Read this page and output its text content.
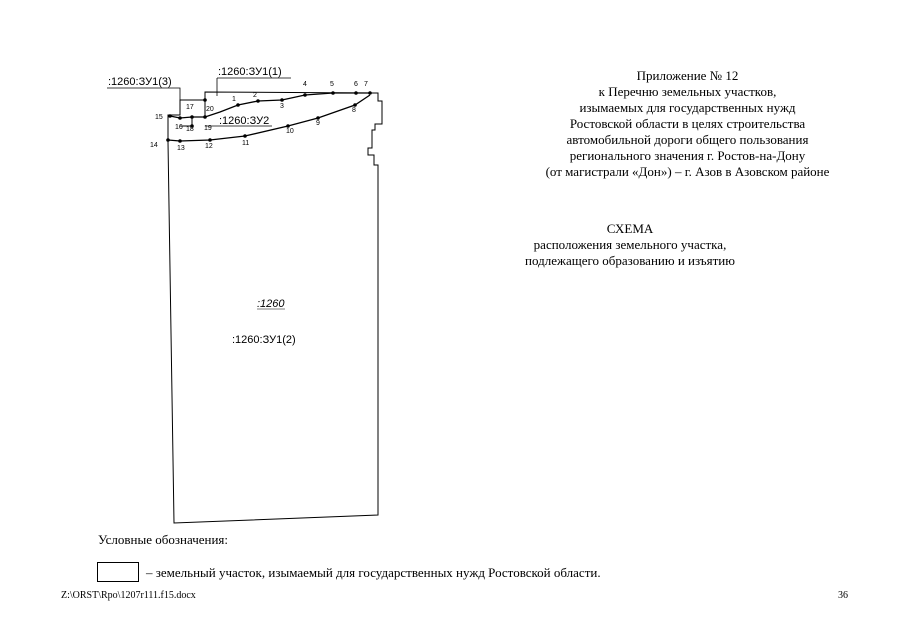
:1260:ЗУ1(3)
:1260:ЗУ1(1)
:1260:ЗУ2
:1260
:1260:ЗУ1(2)
1
2
3
4	5	6 7
8
9
10
11
12
13
14
15
16
17
18 19
20
Приложение № 12
к Перечню земельных участков,
изымаемых для государственных нужд
Ростовской области в целях строительства
автомобильной дороги общего пользования
регионального значения г. Ростов-на-Дону
(от магистрали «Дон») – г. Азов в Азовском районе
СХЕМА
расположения земельного участка,
подлежащего образованию и изъятию
Условные обозначения:
– земельный участок, изымаемый для государственных нужд Ростовской области.
Z:\ORST\Rpo\1207r111.f15.docx	36
